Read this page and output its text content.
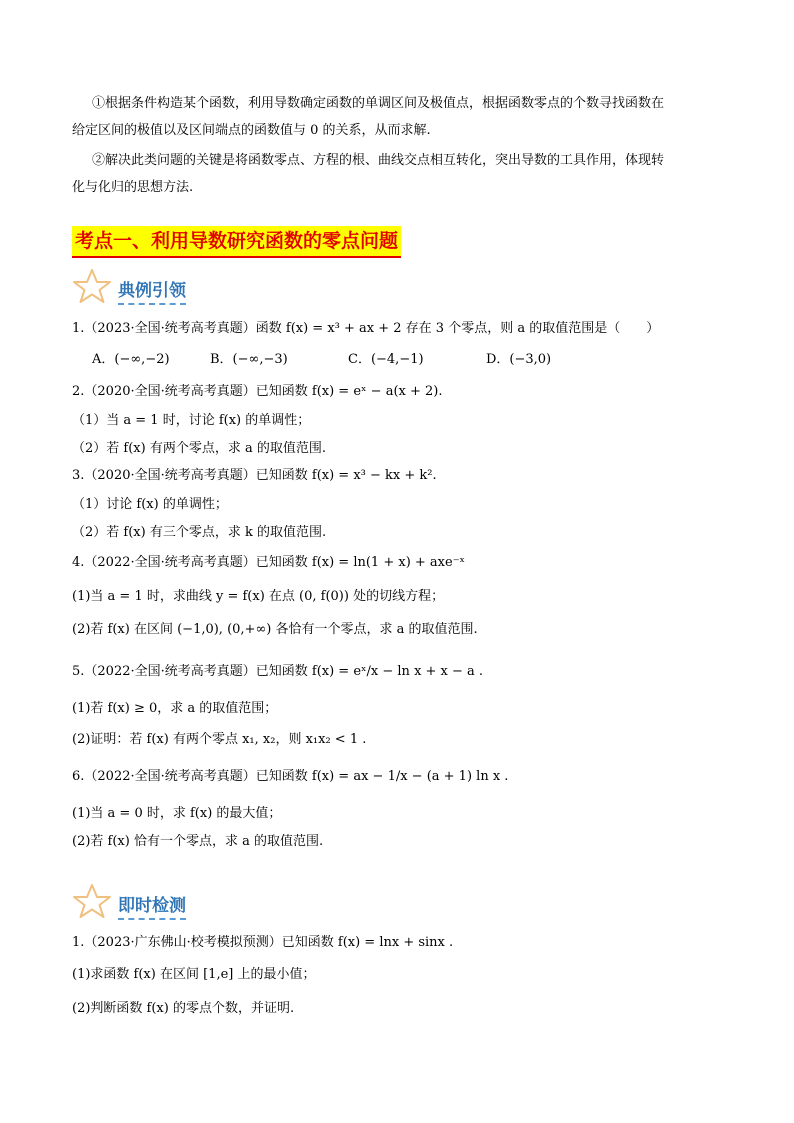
①根据条件构造某个函数，利用导数确定函数的单调区间及极值点，根据函数零点的个数寻找函数在
给定区间的极值以及区间端点的函数值与 0 的关系，从而求解.
②解决此类问题的关键是将函数零点、方程的根、曲线交点相互转化，突出导数的工具作用，体现转
化与化归的思想方法.
考点一、利用导数研究函数的零点问题
典例引领
1.（2023·全国·统考高考真题）函数 f(x) = x³ + ax + 2 存在 3 个零点，则 a 的取值范围是（　　）
A．(−∞,−2)	B．(−∞,−3)	C．(−4,−1)	D．(−3,0)
2.（2020·全国·统考高考真题）已知函数 f(x) = eˣ − a(x + 2).
（1）当 a = 1 时，讨论 f(x) 的单调性；
（2）若 f(x) 有两个零点，求 a 的取值范围.
3.（2020·全国·统考高考真题）已知函数 f(x) = x³ − kx + k².
（1）讨论 f(x) 的单调性；
（2）若 f(x) 有三个零点，求 k 的取值范围.
4.（2022·全国·统考高考真题）已知函数 f(x) = ln(1 + x) + axe⁻ˣ
(1)当 a = 1 时，求曲线 y = f(x) 在点 (0, f(0)) 处的切线方程；
(2)若 f(x) 在区间 (−1,0), (0,+∞) 各恰有一个零点，求 a 的取值范围.
5.（2022·全国·统考高考真题）已知函数 f(x) = eˣ/x − ln x + x − a .
(1)若 f(x) ≥ 0，求 a 的取值范围；
(2)证明：若 f(x) 有两个零点 x₁, x₂，则 x₁x₂ < 1 .
6.（2022·全国·统考高考真题）已知函数 f(x) = ax − 1/x − (a + 1) ln x .
(1)当 a = 0 时，求 f(x) 的最大值；
(2)若 f(x) 恰有一个零点，求 a 的取值范围.
即时检测
1.（2023·广东佛山·校考模拟预测）已知函数 f(x) = lnx + sinx .
(1)求函数 f(x) 在区间 [1,e] 上的最小值；
(2)判断函数 f(x) 的零点个数，并证明.
